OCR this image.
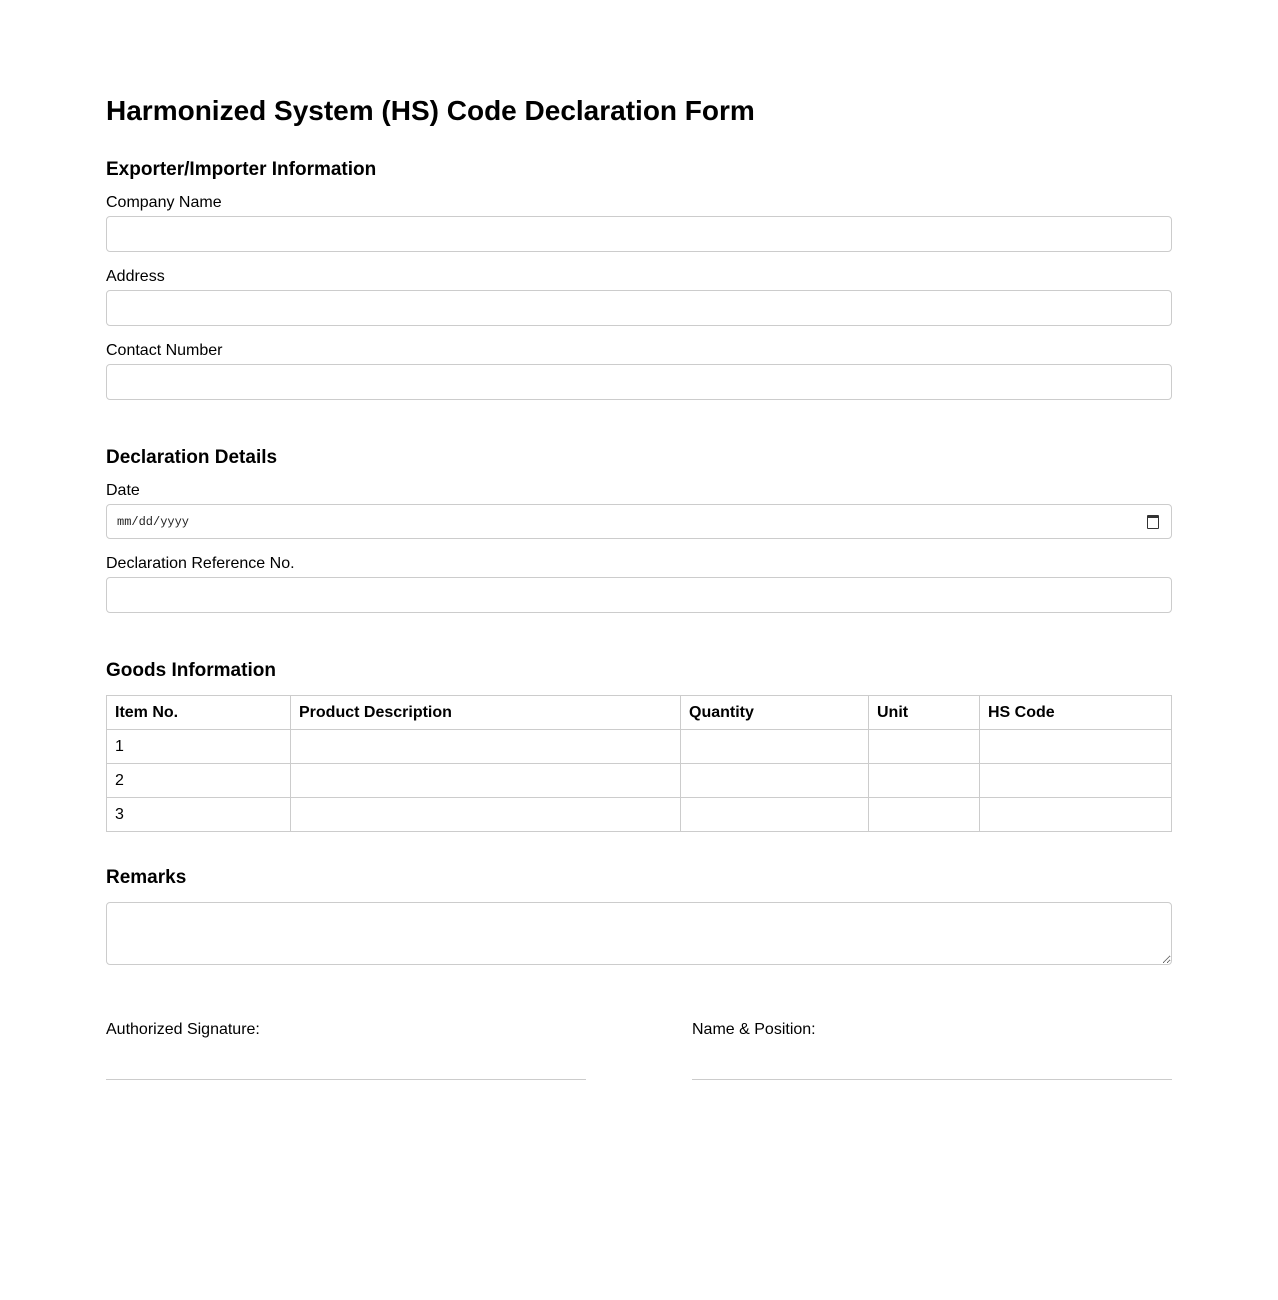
Harmonized System (HS) Code Declaration Form
Exporter/Importer Information
Company Name
Address
Contact Number
Declaration Details
Date
mm/dd/yyyy
Declaration Reference No.
Goods Information
Item No.	Product Description	Quantity	Unit	HS Code
1				
2				
3				
Remarks
Authorized Signature:	Name & Position:
